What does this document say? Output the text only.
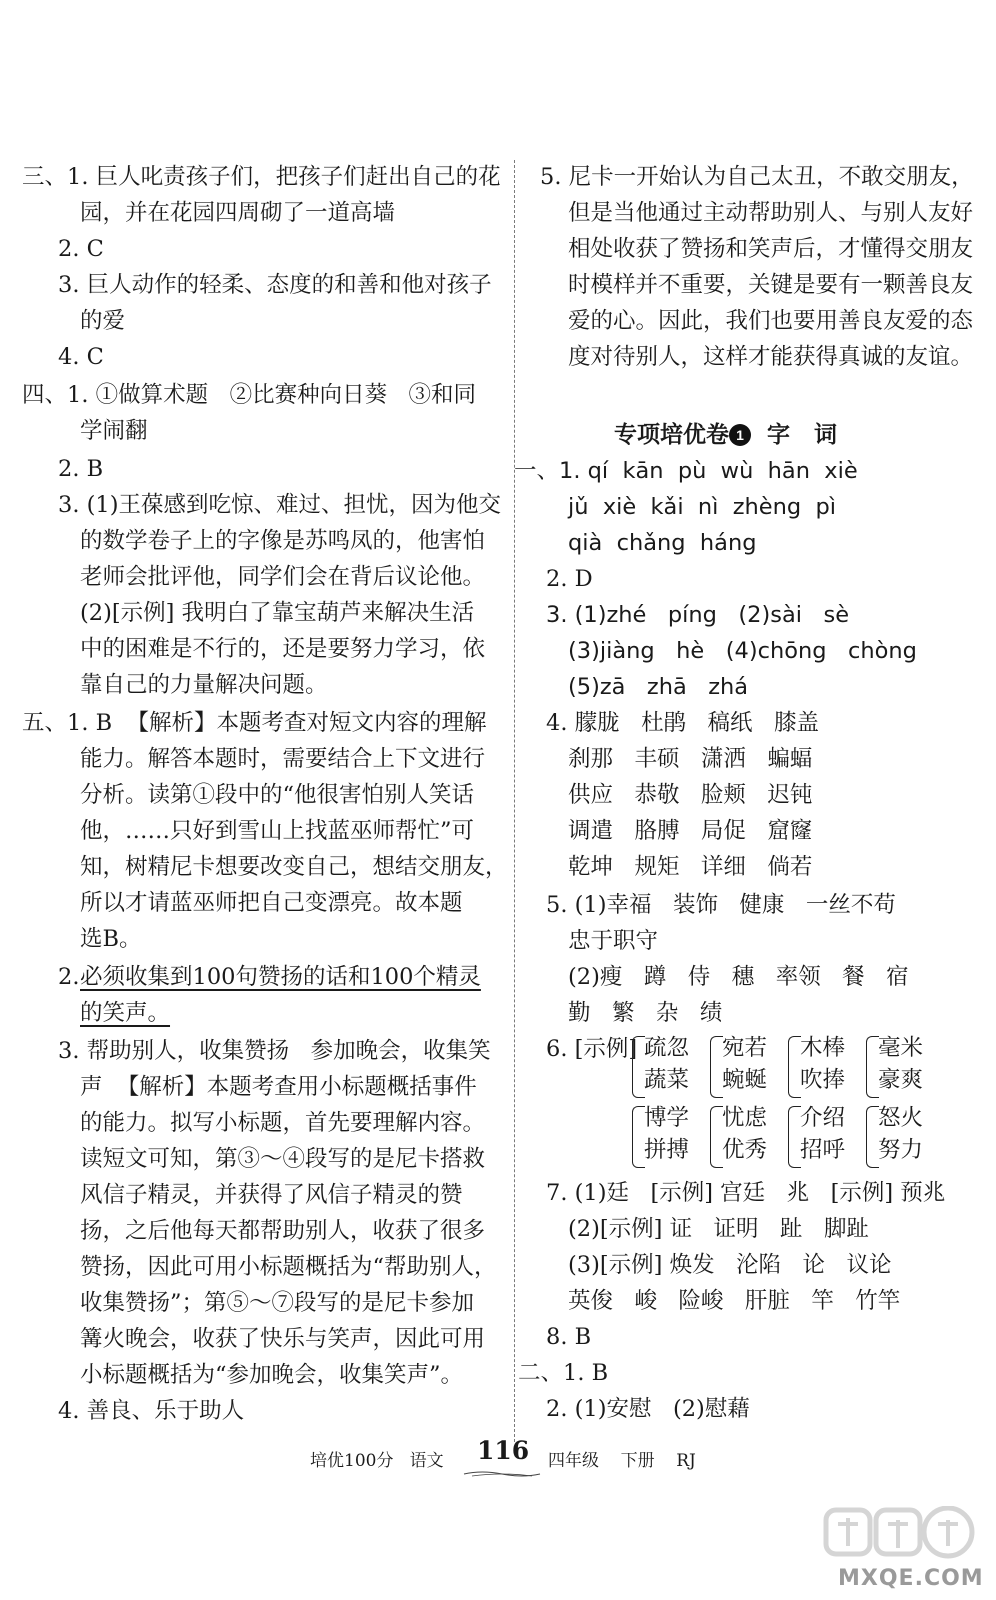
三、1. 巨人叱责孩子们，把孩子们赶出自己的花
园，并在花园四周砌了一道高墙
2. C
3. 巨人动作的轻柔、态度的和善和他对孩子
的爱
4. C
四、1. ①做算术题   ②比赛种向日葵   ③和同
学闹翻
2. B
3. (1)王葆感到吃惊、难过、担忧，因为他交
的数学卷子上的字像是苏鸣凤的，他害怕
老师会批评他，同学们会在背后议论他。
(2)[示例] 我明白了靠宝葫芦来解决生活
中的困难是不行的，还是要努力学习，依
靠自己的力量解决问题。
五、1. B  【解析】本题考查对短文内容的理解
能力。解答本题时，需要结合上下文进行
分析。读第①段中的“他很害怕别人笑话
他，……只好到雪山上找蓝巫师帮忙”可
知，树精尼卡想要改变自己，想结交朋友，
所以才请蓝巫师把自己变漂亮。故本题
选B。
2. 必须收集到100句赞扬的话和100个精灵
的笑声。
3. 帮助别人，收集赞扬   参加晚会，收集笑
声  【解析】本题考查用小标题概括事件
的能力。拟写小标题，首先要理解内容。
读短文可知，第③～④段写的是尼卡搭救
风信子精灵，并获得了风信子精灵的赞
扬，之后他每天都帮助别人，收获了很多
赞扬，因此可用小标题概括为“帮助别人，
收集赞扬”；第⑤～⑦段写的是尼卡参加
篝火晚会，收获了快乐与笑声，因此可用
小标题概括为“参加晚会，收集笑声”。
4. 善良、乐于助人
5. 尼卡一开始认为自己太丑，不敢交朋友，
但是当他通过主动帮助别人、与别人友好
相处收获了赞扬和笑声后，才懂得交朋友
时模样并不重要，关键是要有一颗善良友
爱的心。因此，我们也要用善良友爱的态
度对待别人，这样才能获得真诚的友谊。
专项培优卷 1  字   词
一、1. qí  kān  pù  wù  hān  xiè
jǔ  xiè  kǎi  nì  zhèng  pì
qià  chǎng  háng
2. D
3. (1)zhé   píng   (2)sài   sè
(3)jiàng   hè   (4)chōng   chòng
(5)zā   zhā   zhá
4. 朦胧   杜鹃   稿纸   膝盖
刹那   丰硕   潇洒   蝙蝠
供应   恭敬   脸颊   迟钝
调遣   胳膊   局促   窟窿
乾坤   规矩   详细   倘若
5. (1)幸福   装饰   健康   一丝不苟
忠于职守
(2)瘦   蹲   侍   穗   率领   餐   宿
勤   繁   杂   绩
6. [示例] 疏忽
蔬菜
宛若
蜿蜒
木棒
吹捧
毫米
豪爽
博学
拼搏
忧虑
优秀
介绍
招呼
怒火
努力
7. (1)廷   [示例] 宫廷   兆   [示例] 预兆
(2)[示例] 证   证明   趾   脚趾
(3)[示例] 焕发   沦陷   论   议论
英俊   峻   险峻   肝脏   竿   竹竿
8. B
二、1. B
2. (1)安慰   (2)慰藉
培优100分   语文 116 四年级    下册    RJ
MXQE.COM
